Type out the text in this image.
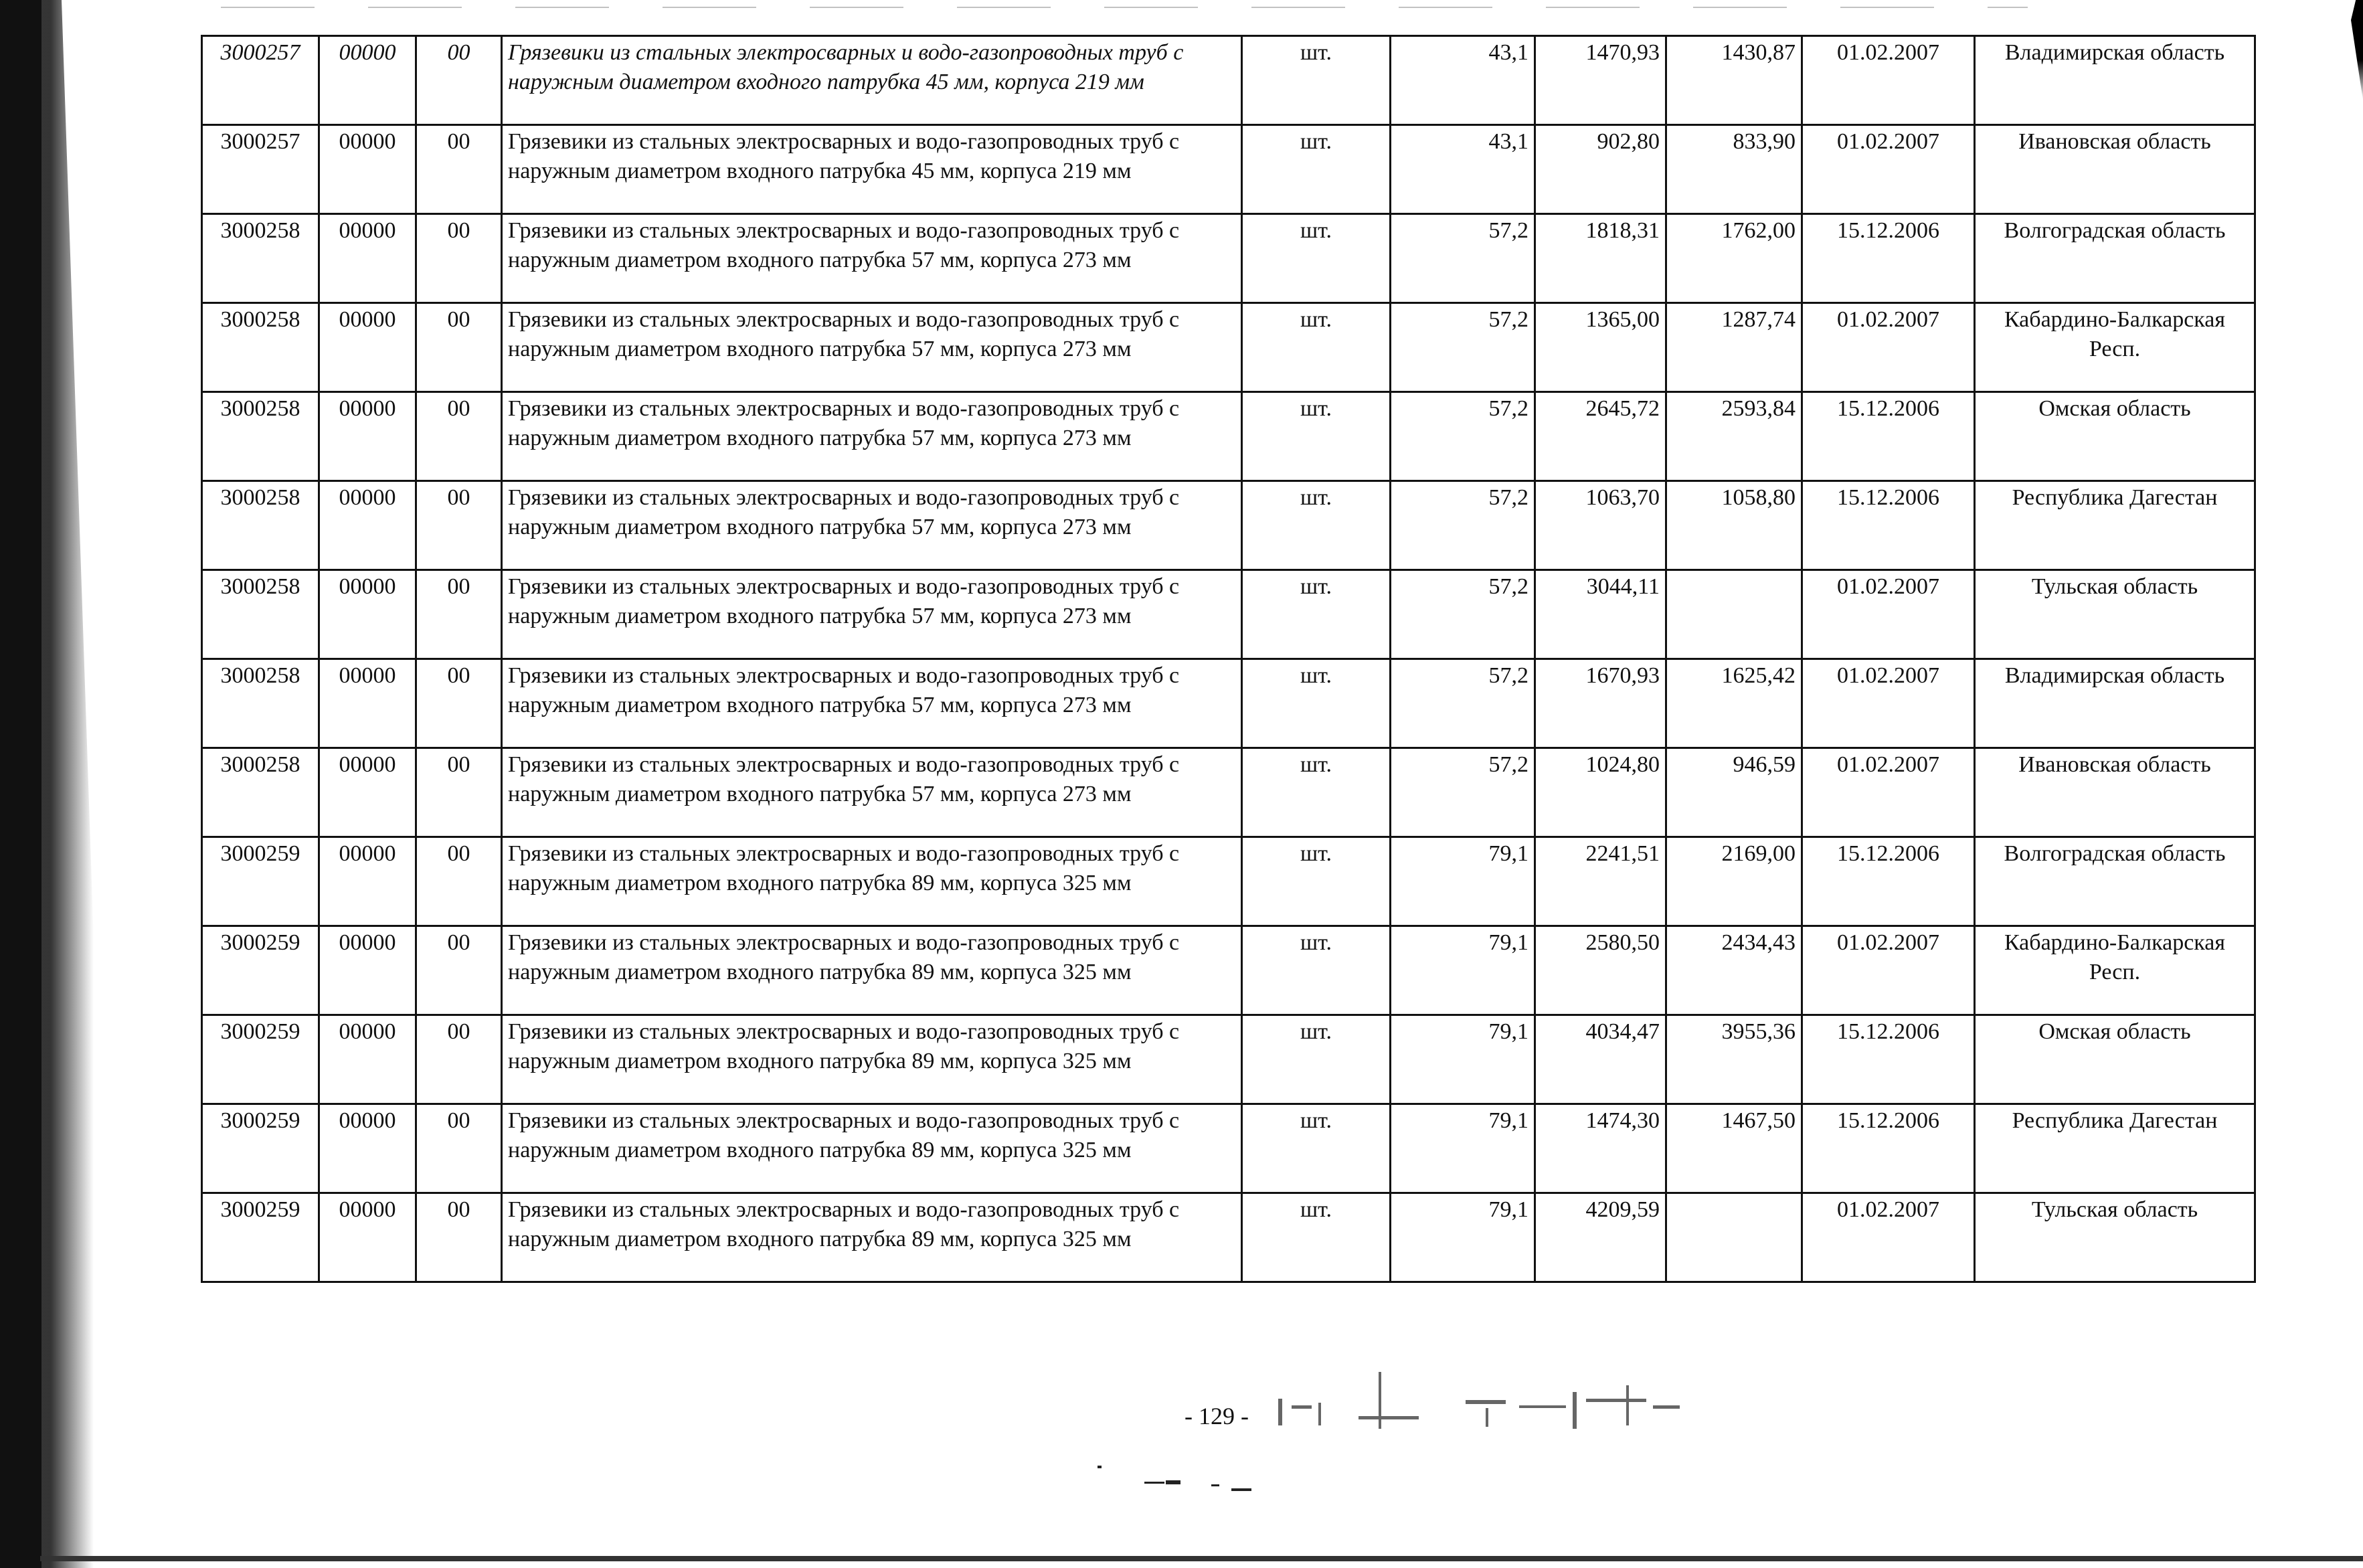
3000257	00000	00	Грязевики из стальных электросварных и водо-газопроводных труб с наружным диаметром входного патрубка 45 мм, корпуса 219 мм	шт.	43,1	1470,93	1430,87	01.02.2007	Владимирская область
3000257	00000	00	Грязевики из стальных электросварных и водо-газопроводных труб с наружным диаметром входного патрубка 45 мм, корпуса 219 мм	шт.	43,1	902,80	833,90	01.02.2007	Ивановская область
3000258	00000	00	Грязевики из стальных электросварных и водо-газопроводных труб с наружным диаметром входного патрубка 57 мм, корпуса 273 мм	шт.	57,2	1818,31	1762,00	15.12.2006	Волгоградская область
3000258	00000	00	Грязевики из стальных электросварных и водо-газопроводных труб с наружным диаметром входного патрубка 57 мм, корпуса 273 мм	шт.	57,2	1365,00	1287,74	01.02.2007	Кабардино-Балкарская Респ.
3000258	00000	00	Грязевики из стальных электросварных и водо-газопроводных труб с наружным диаметром входного патрубка 57 мм, корпуса 273 мм	шт.	57,2	2645,72	2593,84	15.12.2006	Омская область
3000258	00000	00	Грязевики из стальных электросварных и водо-газопроводных труб с наружным диаметром входного патрубка 57 мм, корпуса 273 мм	шт.	57,2	1063,70	1058,80	15.12.2006	Республика Дагестан
3000258	00000	00	Грязевики из стальных электросварных и водо-газопроводных труб с наружным диаметром входного патрубка 57 мм, корпуса 273 мм	шт.	57,2	3044,11		01.02.2007	Тульская область
3000258	00000	00	Грязевики из стальных электросварных и водо-газопроводных труб с наружным диаметром входного патрубка 57 мм, корпуса 273 мм	шт.	57,2	1670,93	1625,42	01.02.2007	Владимирская область
3000258	00000	00	Грязевики из стальных электросварных и водо-газопроводных труб с наружным диаметром входного патрубка 57 мм, корпуса 273 мм	шт.	57,2	1024,80	946,59	01.02.2007	Ивановская область
3000259	00000	00	Грязевики из стальных электросварных и водо-газопроводных труб с наружным диаметром входного патрубка 89 мм, корпуса 325 мм	шт.	79,1	2241,51	2169,00	15.12.2006	Волгоградская область
3000259	00000	00	Грязевики из стальных электросварных и водо-газопроводных труб с наружным диаметром входного патрубка 89 мм, корпуса 325 мм	шт.	79,1	2580,50	2434,43	01.02.2007	Кабардино-Балкарская Респ.
3000259	00000	00	Грязевики из стальных электросварных и водо-газопроводных труб с наружным диаметром входного патрубка 89 мм, корпуса 325 мм	шт.	79,1	4034,47	3955,36	15.12.2006	Омская область
3000259	00000	00	Грязевики из стальных электросварных и водо-газопроводных труб с наружным диаметром входного патрубка 89 мм, корпуса 325 мм	шт.	79,1	1474,30	1467,50	15.12.2006	Республика Дагестан
3000259	00000	00	Грязевики из стальных электросварных и водо-газопроводных труб с наружным диаметром входного патрубка 89 мм, корпуса 325 мм	шт.	79,1	4209,59		01.02.2007	Тульская область
- 129 -
